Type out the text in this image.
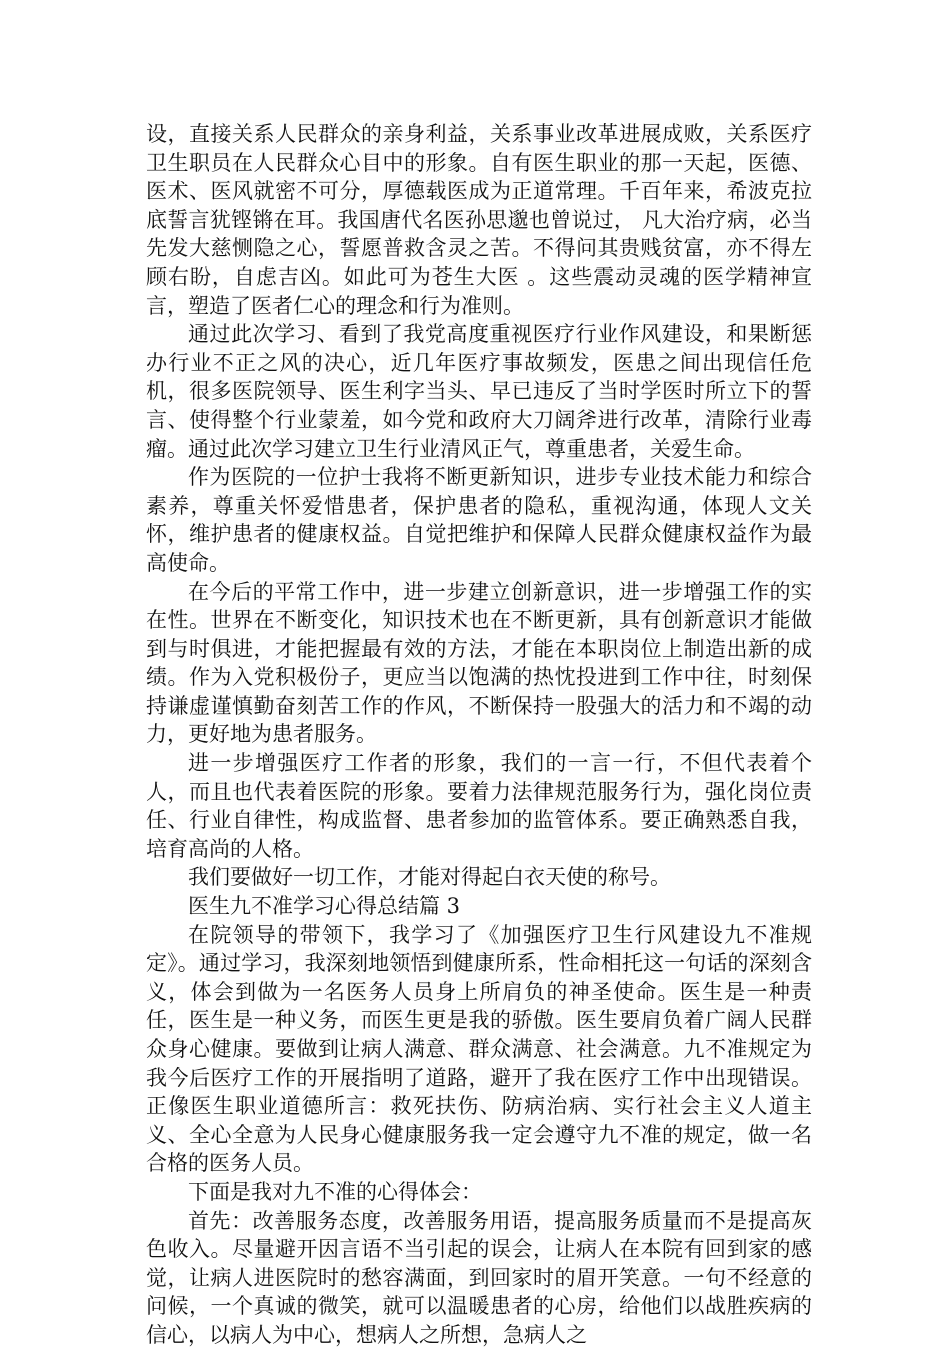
设，直接关系人民群众的亲身利益，关系事业改革进展成败，关系医疗卫生职员在人民群众心目中的形象。自有医生职业的那一天起，医德、医术、医风就密不可分，厚德载医成为正道常理。千百年来，希波克拉底誓言犹铿锵在耳。我国唐代名医孙思邈也曾说过， 凡大治疗病，必当先发大慈恻隐之心，誓愿普救含灵之苦。不得问其贵贱贫富，亦不得左顾右盼，自虑吉凶。如此可为苍生大医 。这些震动灵魂的医学精神宣言，塑造了医者仁心的理念和行为准则。

通过此次学习、看到了我党高度重视医疗行业作风建设，和果断惩办行业不正之风的决心，近几年医疗事故频发，医患之间出现信任危机，很多医院领导、医生利字当头、早已违反了当时学医时所立下的誓言、使得整个行业蒙羞，如今党和政府大刀阔斧进行改革，清除行业毒瘤。通过此次学习建立卫生行业清风正气，尊重患者，关爱生命。

作为医院的一位护士我将不断更新知识，进步专业技术能力和综合素养，尊重关怀爱惜患者，保护患者的隐私，重视沟通，体现人文关怀，维护患者的健康权益。自觉把维护和保障人民群众健康权益作为最高使命。

在今后的平常工作中，进一步建立创新意识，进一步增强工作的实在性。世界在不断变化，知识技术也在不断更新，具有创新意识才能做到与时俱进，才能把握最有效的方法，才能在本职岗位上制造出新的成绩。作为入党积极份子，更应当以饱满的热忱投进到工作中往，时刻保持谦虚谨慎勤奋刻苦工作的作风，不断保持一股强大的活力和不竭的动力，更好地为患者服务。

进一步增强医疗工作者的形象，我们的一言一行，不但代表着个人，而且也代表着医院的形象。要着力法律规范服务行为，强化岗位责任、行业自律性，构成监督、患者参加的监管体系。要正确熟悉自我，培育高尚的人格。

我们要做好一切工作，才能对得起白衣天使的称号。

医生九不准学习心得总结篇 3

在院领导的带领下，我学习了《加强医疗卫生行风建设九不准规定》。通过学习，我深刻地领悟到健康所系，性命相托这一句话的深刻含义，体会到做为一名医务人员身上所肩负的神圣使命。医生是一种责任，医生是一种义务，而医生更是我的骄傲。医生要肩负着广阔人民群众身心健康。要做到让病人满意、群众满意、社会满意。九不准规定为我今后医疗工作的开展指明了道路，避开了我在医疗工作中出现错误。正像医生职业道德所言：救死扶伤、防病治病、实行社会主义人道主义、全心全意为人民身心健康服务我一定会遵守九不准的规定，做一名合格的医务人员。

下面是我对九不准的心得体会：

首先：改善服务态度，改善服务用语，提高服务质量而不是提高灰色收入。尽量避开因言语不当引起的误会，让病人在本院有回到家的感觉，让病人进医院时的愁容满面，到回家时的眉开笑意。一句不经意的问候，一个真诚的微笑，就可以温暖患者的心房，给他们以战胜疾病的信心，以病人为中心，想病人之所想，急病人之
